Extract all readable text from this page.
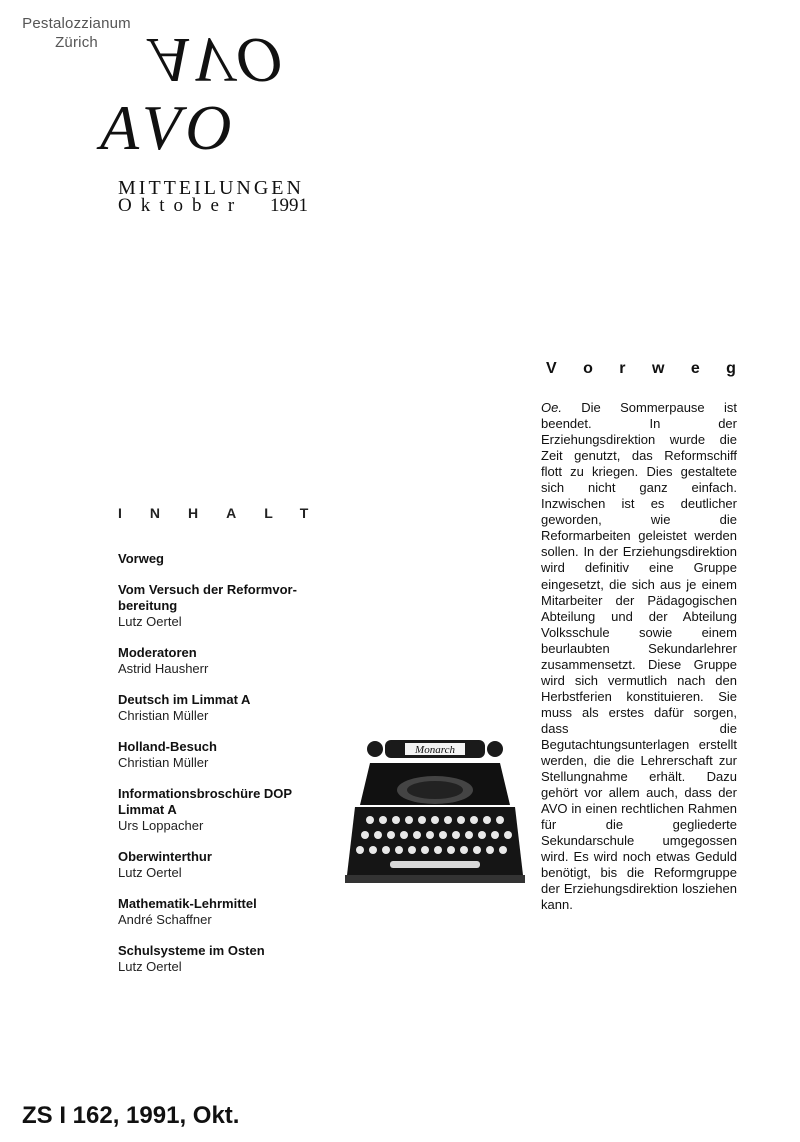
Pestalozzianum
Zürich AVO
AVO
MITTEILUNGEN
Oktober 1991
INHALT
Vorweg
Vom Versuch der Reformvor-
bereitung
Lutz Oertel
Moderatoren
Astrid Hausherr
Deutsch im Limmat A
Christian Müller
Holland-Besuch
Christian Müller
Informationsbroschüre DOP
Limmat A
Urs Loppacher
Oberwinterthur
Lutz Oertel
Mathematik-Lehrmittel
André Schaffner
Schulsysteme im Osten
Lutz Oertel
V o r w e g
Oe. Die Sommerpause ist beendet. In der Erziehungsdirektion wurde die Zeit genutzt, das Reformschiff flott zu kriegen. Dies gestaltete sich nicht ganz einfach. Inzwischen ist es deutlicher geworden, wie die Reformarbeiten geleistet werden sollen. In der Erziehungsdirektion wird definitiv eine Gruppe eingesetzt, die sich aus je einem Mitarbeiter der Pädagogischen Abteilung und der Abteilung Volksschule sowie einem beurlaubten Sekundarlehrer zusammensetzt. Diese Gruppe wird sich vermutlich nach den Herbstferien konstituieren. Sie muss als erstes dafür sorgen, dass die Begutachtungsunterlagen erstellt werden, die die Lehrerschaft zur Stellungnahme erhält. Dazu gehört vor allem auch, dass der AVO in einen rechtlichen Rahmen für die gegliederte Sekundarschule umgegossen wird. Es wird noch etwas Geduld benötigt, bis die Reformgruppe der Erziehungsdirektion losziehen kann.
Monarch
ZS I 162, 1991, Okt.
